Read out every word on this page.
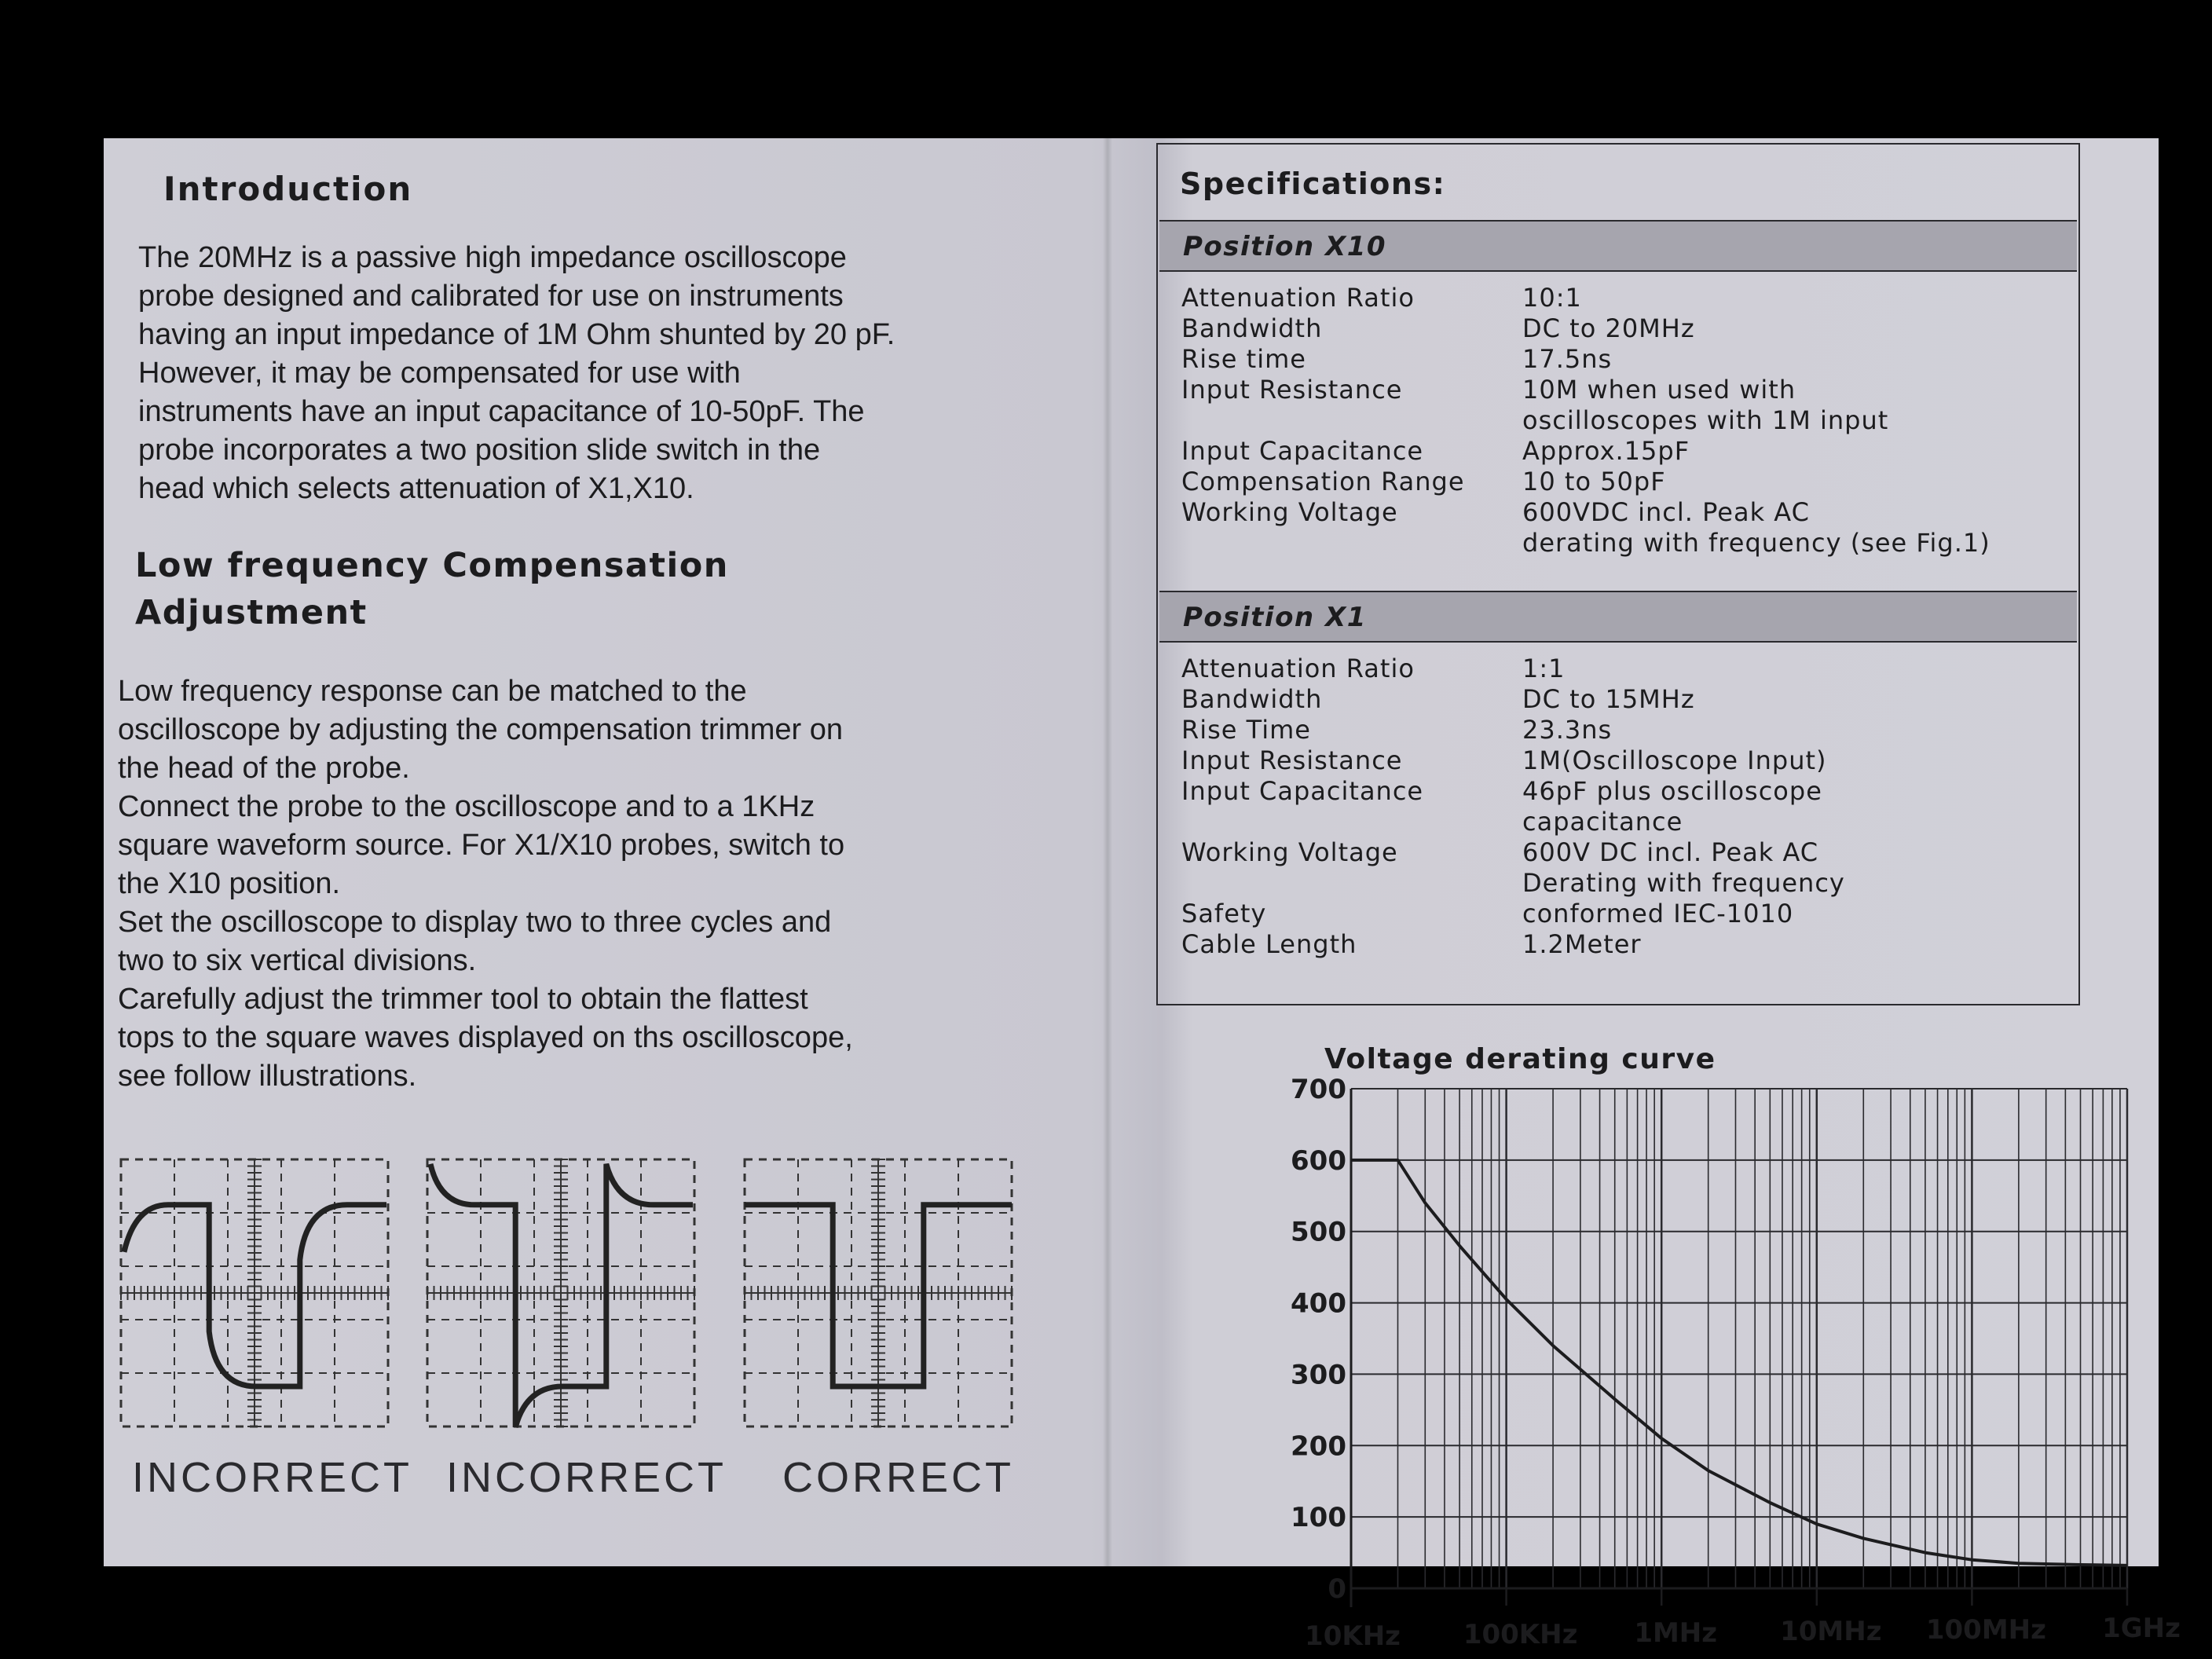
Introduction

The 20MHz is a passive high impedance oscilloscope
probe designed and calibrated for use on instruments
having an input impedance of 1M Ohm shunted by 20 pF.
However, it may be compensated for use with
instruments have an input capacitance of 10-50pF. The
probe incorporates a two position slide switch in the
head which selects attenuation of X1,X10.

Low frequency Compensation
Adjustment

Low frequency response can be matched to the
oscilloscope by adjusting the compensation trimmer on
the head of the probe.
Connect the probe to the oscilloscope and to a 1KHz
square waveform source. For X1/X10 probes, switch to
the X10 position.
Set the oscilloscope to display two to three cycles and
two to six vertical divisions.
Carefully adjust the trimmer tool to obtain the flattest
tops to the square waves displayed on ths oscilloscope,
see follow illustrations.

INCORRECT INCORRECT CORRECT
Specifications:
Position X10
Attenuation Ratio	10:1
Bandwidth	DC to 20MHz
Rise time	17.5ns
Input Resistance	10M when used with
oscilloscopes with 1M input
Input Capacitance	Approx.15pF
Compensation Range	10 to 50pF
Working Voltage	600VDC incl. Peak AC
derating with frequency (see Fig.1)
Position X1
Attenuation Ratio	1:1
Bandwidth	DC to 15MHz
Rise Time	23.3ns
Input Resistance	1M(Oscilloscope Input)
Input Capacitance	46pF plus oscilloscope
capacitance
Working Voltage	600V DC incl. Peak AC
Derating with frequency
Safety	conformed IEC-1010
Cable Length	1.2Meter
Voltage derating curve
700
600
500
400
300
200
100
0
10KHz 100KHz 1MHz 10MHz 100MHz 1GHz
